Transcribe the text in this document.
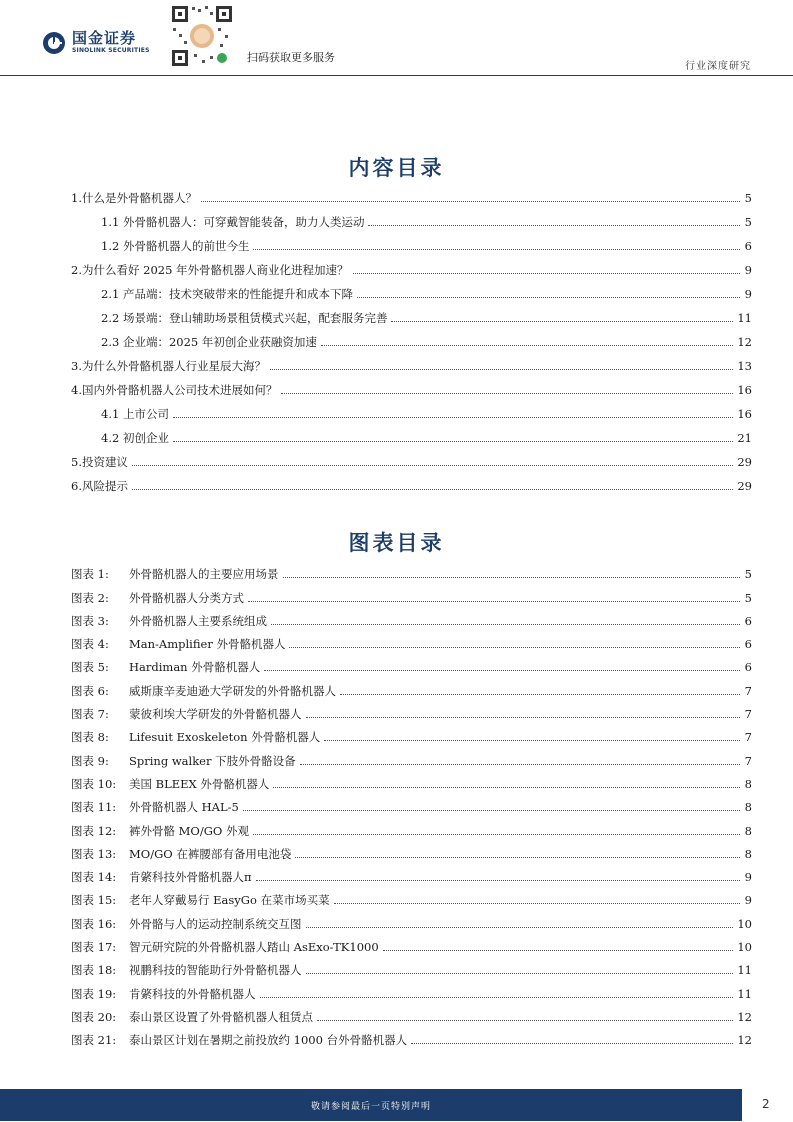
国金证券
SINOLINK SECURITIES
扫码获取更多服务
行业深度研究
内容目录
1.什么是外骨骼机器人？	5
1.1 外骨骼机器人：可穿戴智能装备，助力人类运动	5
1.2 外骨骼机器人的前世今生	6
2.为什么看好 2025 年外骨骼机器人商业化进程加速？	9
2.1 产品端：技术突破带来的性能提升和成本下降	9
2.2 场景端：登山辅助场景租赁模式兴起，配套服务完善	11
2.3 企业端：2025 年初创企业获融资加速	12
3.为什么外骨骼机器人行业星辰大海？	13
4.国内外骨骼机器人公司技术进展如何？	16
4.1 上市公司	16
4.2 初创企业	21
5.投资建议	29
6.风险提示	29
图表目录
图表 1: 外骨骼机器人的主要应用场景	5
图表 2: 外骨骼机器人分类方式	5
图表 3: 外骨骼机器人主要系统组成	6
图表 4: Man-Amplifier 外骨骼机器人	6
图表 5: Hardiman 外骨骼机器人	6
图表 6: 威斯康辛麦迪逊大学研发的外骨骼机器人	7
图表 7: 蒙彼利埃大学研发的外骨骼机器人	7
图表 8: Lifesuit Exoskeleton 外骨骼机器人	7
图表 9: Spring walker 下肢外骨骼设备	7
图表 10: 美国 BLEEX 外骨骼机器人	8
图表 11: 外骨骼机器人 HAL-5	8
图表 12: 裤外骨骼 MO/GO 外观	8
图表 13: MO/GO 在裤腰部有备用电池袋	8
图表 14: 肯綮科技外骨骼机器人π	9
图表 15: 老年人穿戴易行 EasyGo 在菜市场买菜	9
图表 16: 外骨骼与人的运动控制系统交互图	10
图表 17: 智元研究院的外骨骼机器人踏山 AsExo-TK1000	10
图表 18: 视鹏科技的智能助行外骨骼机器人	11
图表 19: 肯綮科技的外骨骼机器人	11
图表 20: 泰山景区设置了外骨骼机器人租赁点	12
图表 21: 泰山景区计划在暑期之前投放约 1000 台外骨骼机器人	12
敬请参阅最后一页特别声明	2
